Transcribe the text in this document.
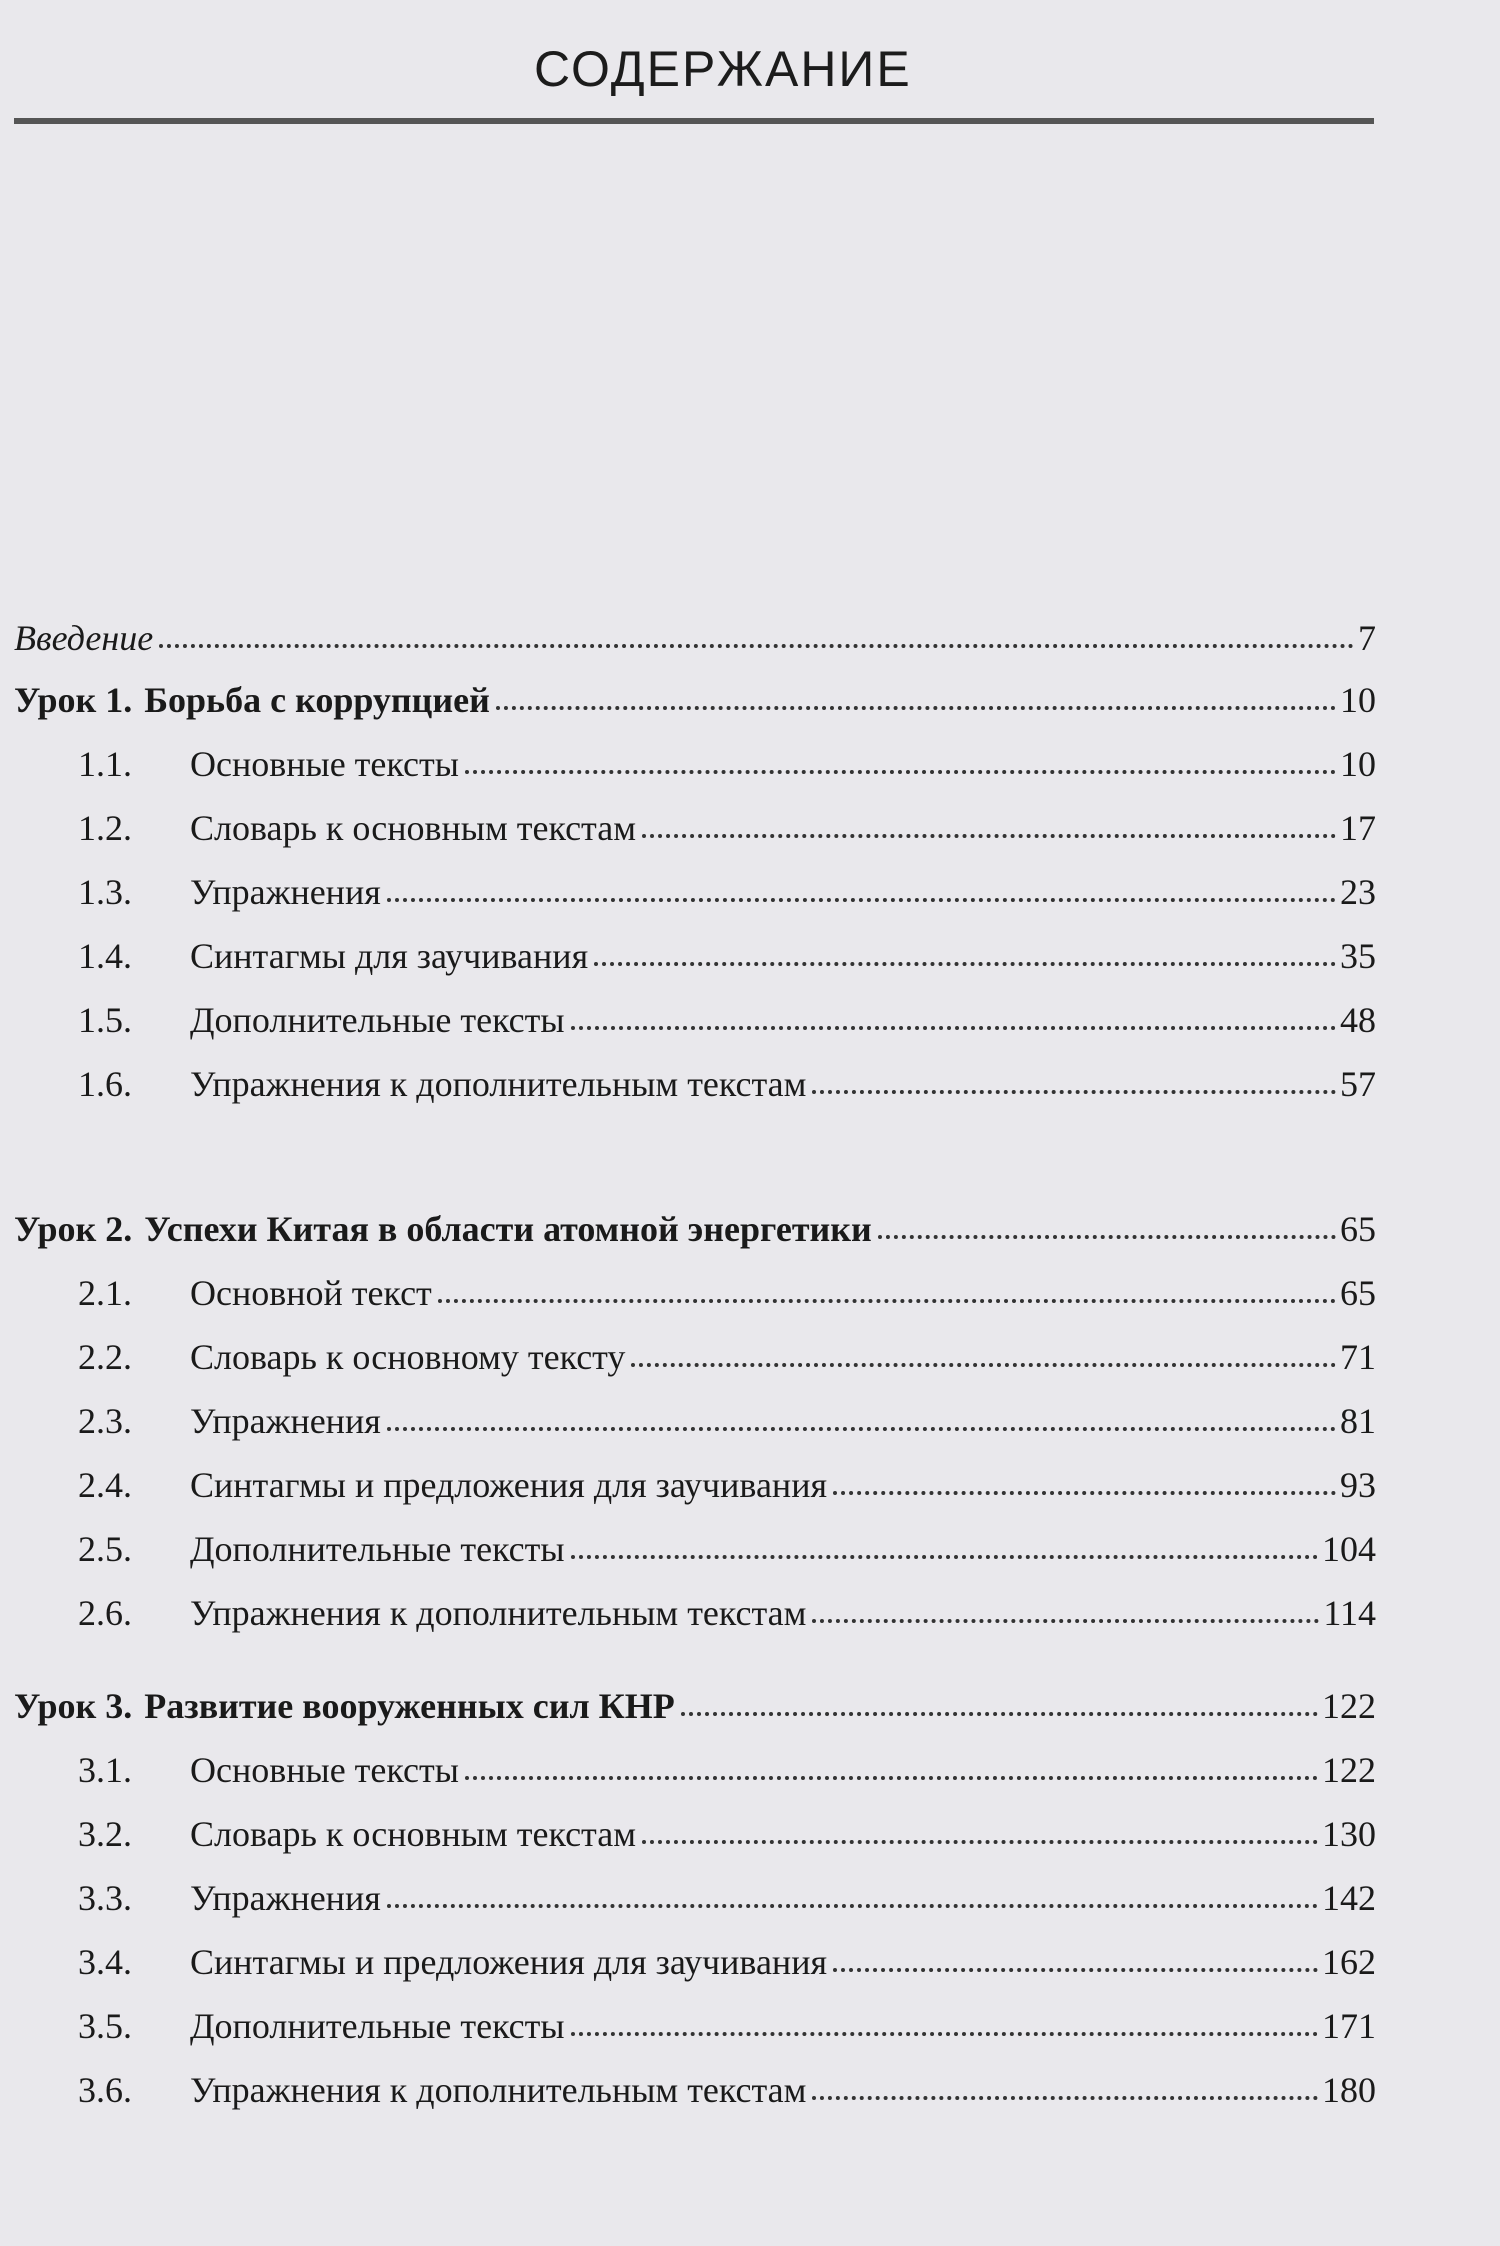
СОДЕРЖАНИЕ
Введение	7
Урок 1. Борьба с коррупцией	10
1.1.	Основные тексты	10
1.2.	Словарь к основным текстам	17
1.3.	Упражнения	23
1.4.	Синтагмы для заучивания	35
1.5.	Дополнительные тексты	48
1.6.	Упражнения к дополнительным текстам	57
Урок 2. Успехи Китая в области атомной энергетики	65
2.1.	Основной текст	65
2.2.	Словарь к основному тексту	71
2.3.	Упражнения	81
2.4.	Синтагмы и предложения для заучивания	93
2.5.	Дополнительные тексты	104
2.6.	Упражнения к дополнительным текстам	114
Урок 3. Развитие вооруженных сил КНР	122
3.1.	Основные тексты	122
3.2.	Словарь к основным текстам	130
3.3.	Упражнения	142
3.4.	Синтагмы и предложения для заучивания	162
3.5.	Дополнительные тексты	171
3.6.	Упражнения к дополнительным текстам	180
